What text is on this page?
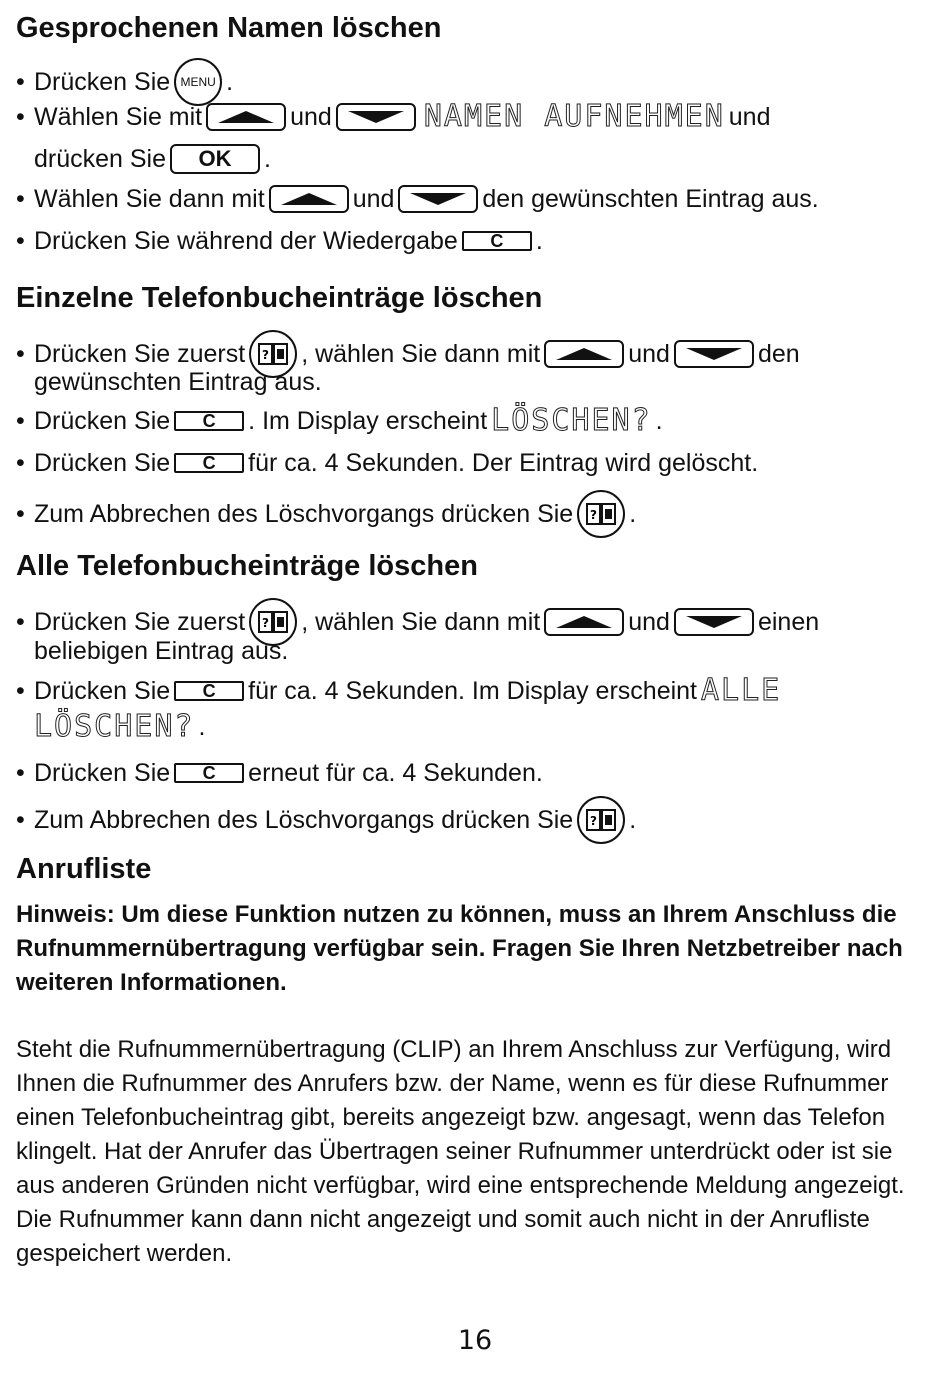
Gesprochenen Namen löschen
• Drücken Sie MENU .
• Wählen Sie mit	und	NAMEN AUFNEHMEN und
drücken Sie	OK	.
• Wählen Sie dann mit	und	den gewünschten Eintrag aus.
• Drücken Sie während der Wiedergabe	C	.
Einzelne Telefonbucheinträge löschen
• Drücken Sie zuerst ? , wählen Sie dann mit	und	den
gewünschten Eintrag aus.
• Drücken Sie	C	. Im Display erscheint LÖSCHEN? .
• Drücken Sie	C	für ca. 4 Sekunden. Der Eintrag wird gelöscht.
• Zum Abbrechen des Löschvorgangs drücken Sie ? .
Alle Telefonbucheinträge löschen
• Drücken Sie zuerst ? , wählen Sie dann mit	und	einen
beliebigen Eintrag aus.
• Drücken Sie	C	für ca. 4 Sekunden. Im Display erscheint ALLE
LÖSCHEN? .
• Drücken Sie	C	erneut für ca. 4 Sekunden.
• Zum Abbrechen des Löschvorgangs drücken Sie ? .
Anrufliste
Hinweis: Um diese Funktion nutzen zu können, muss an Ihrem Anschluss die Rufnummernübertragung verfügbar sein. Fragen Sie Ihren Netzbetreiber nach weiteren Informationen.
Steht die Rufnummernübertragung (CLIP) an Ihrem Anschluss zur Verfügung, wird Ihnen die Rufnummer des Anrufers bzw. der Name, wenn es für diese Rufnummer einen Telefonbucheintrag gibt, bereits angezeigt bzw. angesagt, wenn das Telefon klingelt. Hat der Anrufer das Übertragen seiner Rufnummer unterdrückt oder ist sie aus anderen Gründen nicht verfügbar, wird eine entsprechende Meldung angezeigt. Die Rufnummer kann dann nicht angezeigt und somit auch nicht in der Anrufliste gespeichert werden.
16
